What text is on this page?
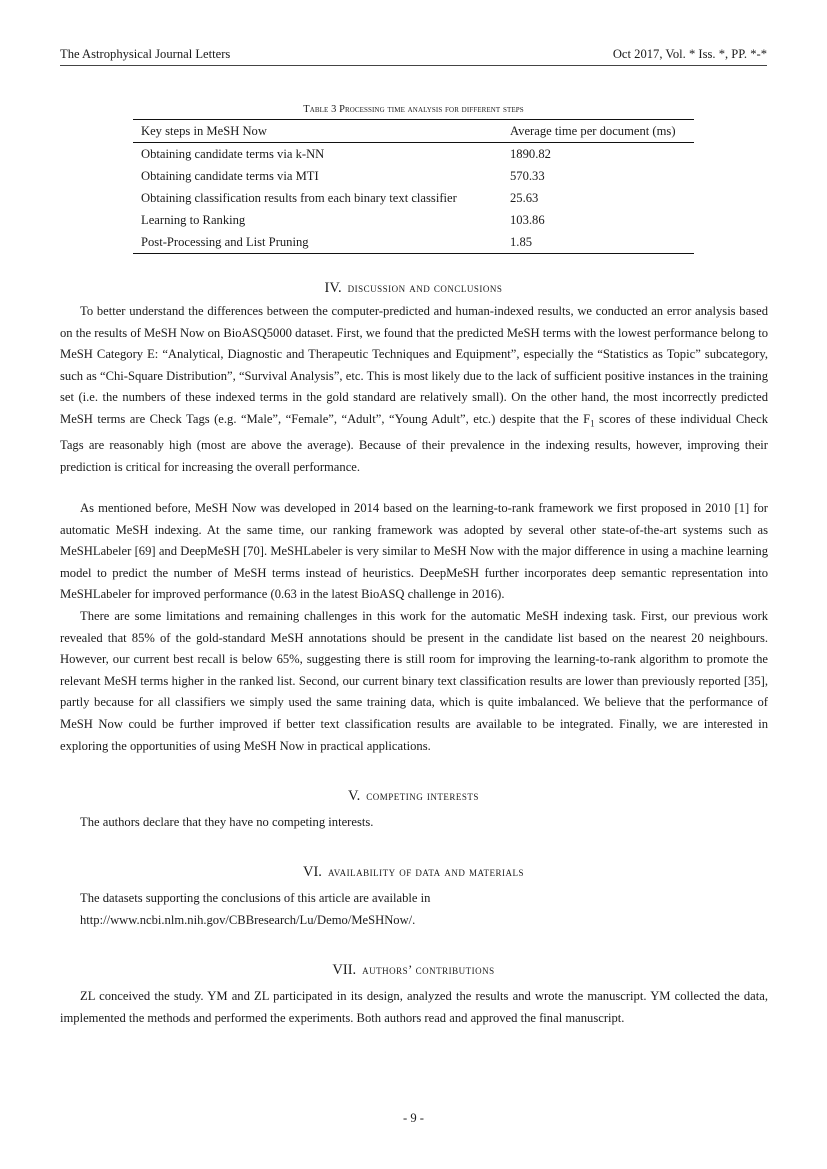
The Astrophysical Journal Letters	Oct 2017, Vol. * Iss. *, PP. *-*
Table 3 Processing time analysis for different steps
Key steps in MeSH Now	Average time per document (ms)
Obtaining candidate terms via k-NN	1890.82
Obtaining candidate terms via MTI	570.33
Obtaining classification results from each binary text classifier	25.63
Learning to Ranking	103.86
Post-Processing and List Pruning	1.85
IV. discussion and conclusions

To better understand the differences between the computer-predicted and human-indexed results, we conducted an error analysis based on the results of MeSH Now on BioASQ5000 dataset. First, we found that the predicted MeSH terms with the lowest performance belong to MeSH Category E: “Analytical, Diagnostic and Therapeutic Techniques and Equipment”, especially the “Statistics as Topic” subcategory, such as “Chi-Square Distribution”, “Survival Analysis”, etc. This is most likely due to the lack of sufficient positive instances in the training set (i.e. the numbers of these indexed terms in the gold standard are relatively small). On the other hand, the most incorrectly predicted MeSH terms are Check Tags (e.g. “Male”, “Female”, “Adult”, “Young Adult”, etc.) despite that the $F_1$ scores of these individual Check Tags are reasonably high (most are above the average). Because of their prevalence in the indexing results, however, improving their prediction is critical for increasing the overall performance.

As mentioned before, MeSH Now was developed in 2014 based on the learning-to-rank framework we first proposed in 2010 [1] for automatic MeSH indexing. At the same time, our ranking framework was adopted by several other state-of-the-art systems such as MeSHLabeler [69] and DeepMeSH [70]. MeSHLabeler is very similar to MeSH Now with the major difference in using a machine learning model to predict the number of MeSH terms instead of heuristics. DeepMeSH further incorporates deep semantic representation into MeSHLabeler for improved performance (0.63 in the latest BioASQ challenge in 2016).

There are some limitations and remaining challenges in this work for the automatic MeSH indexing task. First, our previous work revealed that 85% of the gold-standard MeSH annotations should be present in the candidate list based on the nearest 20 neighbours. However, our current best recall is below 65%, suggesting there is still room for improving the learning-to-rank algorithm to promote the relevant MeSH terms higher in the ranked list. Second, our current binary text classification results are lower than previously reported [35], partly because for all classifiers we simply used the same training data, which is quite imbalanced. We believe that the performance of MeSH Now could be further improved if better text classification results are available to be integrated. Finally, we are interested in exploring the opportunities of using MeSH Now in practical applications.

V. competing interests

The authors declare that they have no competing interests.

VI. availability of data and materials

The datasets supporting the conclusions of this article are available in
http://www.ncbi.nlm.nih.gov/CBBresearch/Lu/Demo/MeSHNow/.

VII. authors’ contributions

ZL conceived the study. YM and ZL participated in its design, analyzed the results and wrote the manuscript. YM collected the data, implemented the methods and performed the experiments. Both authors read and approved the final manuscript.

- 9 -
